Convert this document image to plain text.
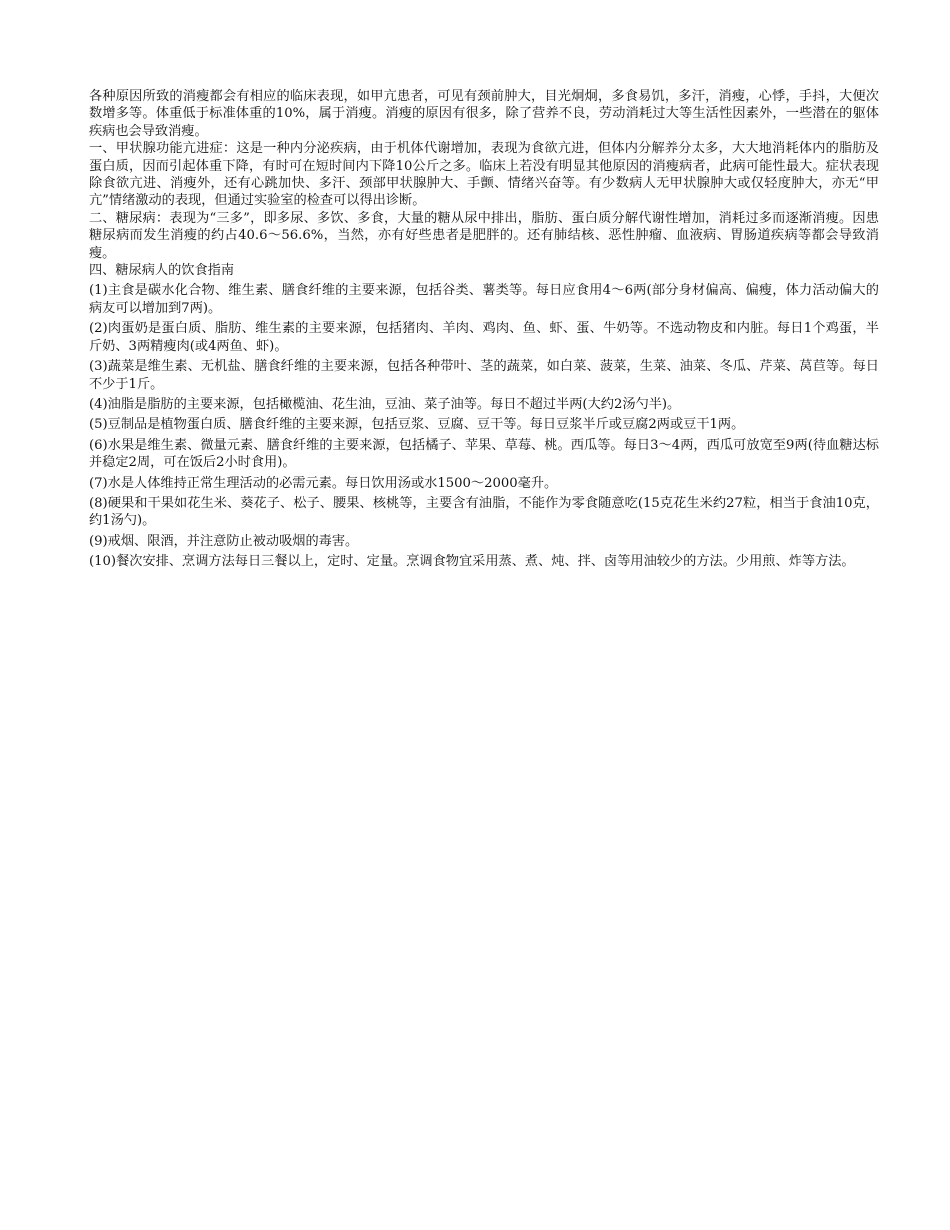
各种原因所致的消瘦都会有相应的临床表现，如甲亢患者，可见有颈前肿大，目光炯炯，多食易饥，多汗，消瘦，心悸，手抖，大便次数增多等。体重低于标准体重的10%，属于消瘦。消瘦的原因有很多，除了营养不良，劳动消耗过大等生活性因素外，一些潜在的躯体疾病也会导致消瘦。

一、甲状腺功能亢进症：这是一种内分泌疾病，由于机体代谢增加，表现为食欲亢进，但体内分解养分太多，大大地消耗体内的脂肪及蛋白质，因而引起体重下降，有时可在短时间内下降10公斤之多。临床上若没有明显其他原因的消瘦病者，此病可能性最大。症状表现除食欲亢进、消瘦外，还有心跳加快、多汗、颈部甲状腺肿大、手颤、情绪兴奋等。有少数病人无甲状腺肿大或仅轻度肿大，亦无“甲亢”情绪激动的表现，但通过实验室的检查可以得出诊断。

二、糖尿病：表现为“三多”，即多尿、多饮、多食，大量的糖从尿中排出，脂肪、蛋白质分解代谢性增加，消耗过多而逐渐消瘦。因患糖尿病而发生消瘦的约占40.6～56.6%，当然，亦有好些患者是肥胖的。还有肺结核、恶性肿瘤、血液病、胃肠道疾病等都会导致消瘦。

四、糖尿病人的饮食指南

(1)主食是碳水化合物、维生素、膳食纤维的主要来源，包括谷类、薯类等。每日应食用4～6两(部分身材偏高、偏瘦，体力活动偏大的病友可以增加到7两)。

(2)肉蛋奶是蛋白质、脂肪、维生素的主要来源，包括猪肉、羊肉、鸡肉、鱼、虾、蛋、牛奶等。不选动物皮和内脏。每日1个鸡蛋，半斤奶、3两精瘦肉(或4两鱼、虾)。

(3)蔬菜是维生素、无机盐、膳食纤维的主要来源，包括各种带叶、茎的蔬菜，如白菜、菠菜，生菜、油菜、冬瓜、芹菜、莴苣等。每日不少于1斤。

(4)油脂是脂肪的主要来源，包括橄榄油、花生油，豆油、菜子油等。每日不超过半两(大约2汤勺半)。

(5)豆制品是植物蛋白质、膳食纤维的主要来源，包括豆浆、豆腐、豆干等。每日豆浆半斤或豆腐2两或豆干1两。

(6)水果是维生素、微量元素、膳食纤维的主要来源，包括橘子、苹果、草莓、桃。西瓜等。每日3～4两，西瓜可放宽至9两(待血糖达标并稳定2周，可在饭后2小时食用)。

(7)水是人体维持正常生理活动的必需元素。每日饮用汤或水1500～2000毫升。

(8)硬果和干果如花生米、葵花子、松子、腰果、核桃等，主要含有油脂，不能作为零食随意吃(15克花生米约27粒，相当于食油10克，约1汤勺)。

(9)戒烟、限酒，并注意防止被动吸烟的毒害。

(10)餐次安排、烹调方法每日三餐以上，定时、定量。烹调食物宜采用蒸、煮、炖、拌、卤等用油较少的方法。少用煎、炸等方法。
